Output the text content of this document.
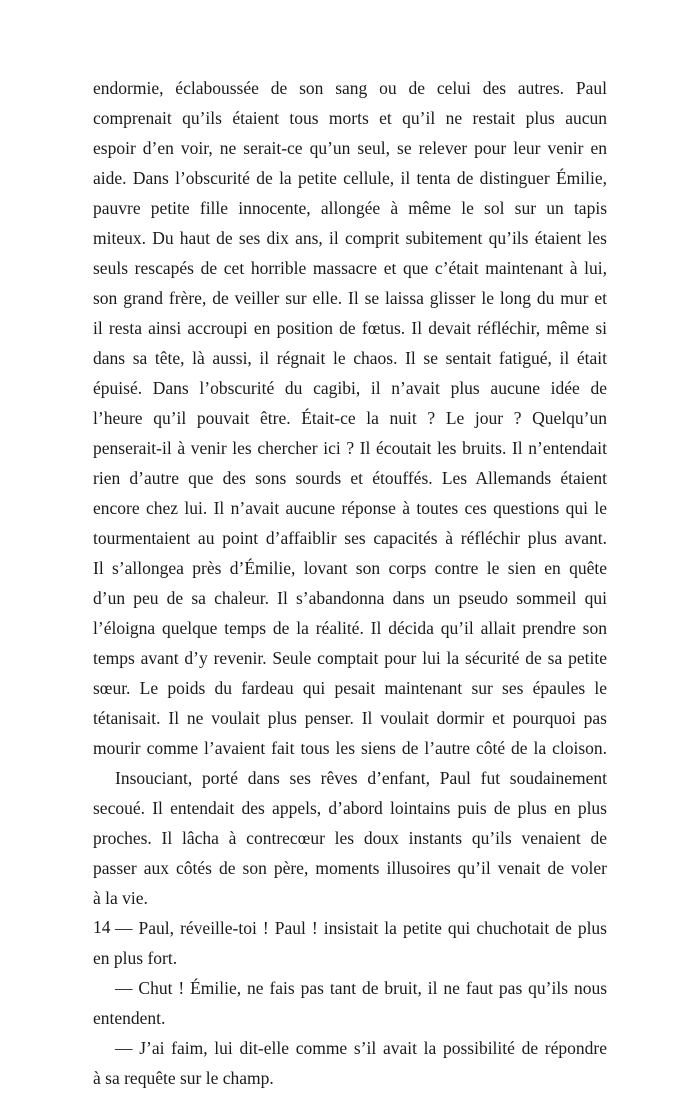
endormie, éclaboussée de son sang ou de celui des autres. Paul
comprenait qu’ils étaient tous morts et qu’il ne restait plus aucun
espoir d’en voir, ne serait-ce qu’un seul, se relever pour leur venir en
aide. Dans l’obscurité de la petite cellule, il tenta de distinguer Émilie,
pauvre petite fille innocente, allongée à même le sol sur un tapis
miteux. Du haut de ses dix ans, il comprit subitement qu’ils étaient les
seuls rescapés de cet horrible massacre et que c’était maintenant à lui,
son grand frère, de veiller sur elle. Il se laissa glisser le long du mur et
il resta ainsi accroupi en position de fœtus. Il devait réfléchir, même si
dans sa tête, là aussi, il régnait le chaos. Il se sentait fatigué, il était
épuisé. Dans l’obscurité du cagibi, il n’avait plus aucune idée de
l’heure qu’il pouvait être. Était-ce la nuit ? Le jour ? Quelqu’un
penserait-il à venir les chercher ici ? Il écoutait les bruits. Il n’entendait
rien d’autre que des sons sourds et étouffés. Les Allemands étaient
encore chez lui. Il n’avait aucune réponse à toutes ces questions qui le
tourmentaient au point d’affaiblir ses capacités à réfléchir plus avant.
Il s’allongea près d’Émilie, lovant son corps contre le sien en quête
d’un peu de sa chaleur. Il s’abandonna dans un pseudo sommeil qui
l’éloigna quelque temps de la réalité. Il décida qu’il allait prendre son
temps avant d’y revenir. Seule comptait pour lui la sécurité de sa petite
sœur. Le poids du fardeau qui pesait maintenant sur ses épaules le
tétanisait. Il ne voulait plus penser. Il voulait dormir et pourquoi pas
mourir comme l’avaient fait tous les siens de l’autre côté de la cloison.
Insouciant, porté dans ses rêves d’enfant, Paul fut soudainement
secoué. Il entendait des appels, d’abord lointains puis de plus en plus
proches. Il lâcha à contrecœur les doux instants qu’ils venaient de
passer aux côtés de son père, moments illusoires qu’il venait de voler
à la vie.
— Paul, réveille-toi ! Paul ! insistait la petite qui chuchotait de plus
en plus fort.
— Chut ! Émilie, ne fais pas tant de bruit, il ne faut pas qu’ils nous
entendent.
— J’ai faim, lui dit-elle comme s’il avait la possibilité de répondre
à sa requête sur le champ.
14
